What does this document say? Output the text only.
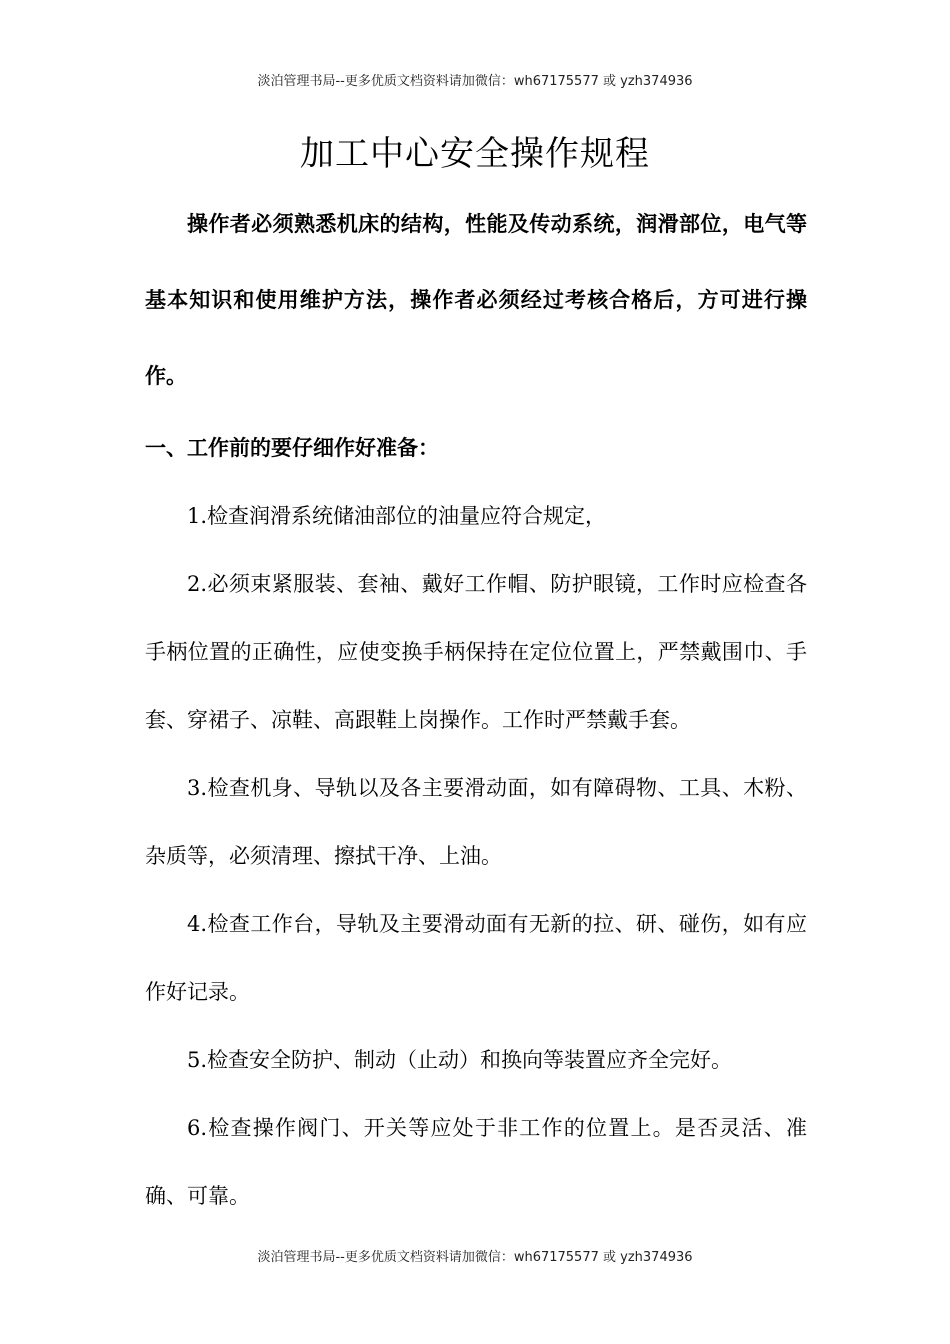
淡泊管理书局--更多优质文档资料请加微信：wh67175577 或 yzh374936
加工中心安全操作规程

操作者必须熟悉机床的结构，性能及传动系统，润滑部位，电气等基本知识和使用维护方法，操作者必须经过考核合格后，方可进行操作。

一、工作前的要仔细作好准备：

1.检查润滑系统储油部位的油量应符合规定，

2.必须束紧服装、套袖、戴好工作帽、防护眼镜，工作时应检查各手柄位置的正确性，应使变换手柄保持在定位位置上，严禁戴围巾、手套、穿裙子、凉鞋、高跟鞋上岗操作。工作时严禁戴手套。

3.检查机身、导轨以及各主要滑动面，如有障碍物、工具、木粉、杂质等，必须清理、擦拭干净、上油。

4.检查工作台，导轨及主要滑动面有无新的拉、研、碰伤，如有应作好记录。

5.检查安全防护、制动（止动）和换向等装置应齐全完好。

6.检查操作阀门、开关等应处于非工作的位置上。是否灵活、准确、可靠。

淡泊管理书局--更多优质文档资料请加微信：wh67175577 或 yzh374936
